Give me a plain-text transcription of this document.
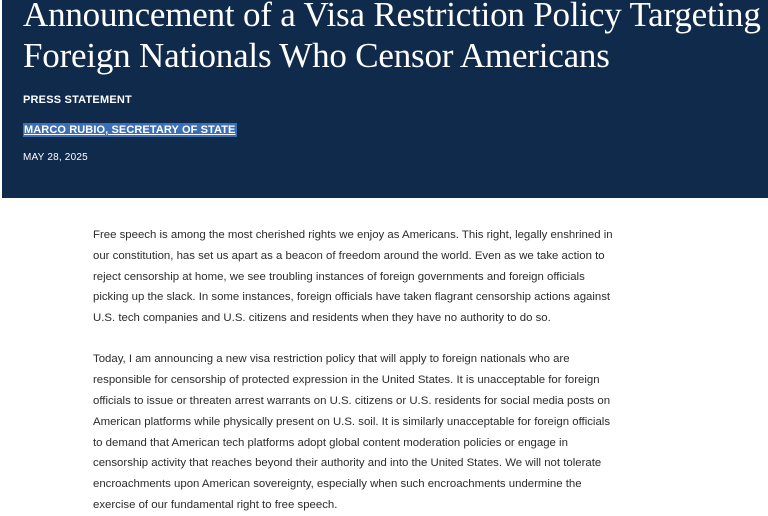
Announcement of a Visa Restriction Policy Targeting
Foreign Nationals Who Censor Americans
PRESS STATEMENT
MARCO RUBIO, SECRETARY OF STATE
MAY 28, 2025

Free speech is among the most cherished rights we enjoy as Americans. This right, legally enshrined in
our constitution, has set us apart as a beacon of freedom around the world. Even as we take action to
reject censorship at home, we see troubling instances of foreign governments and foreign officials
picking up the slack. In some instances, foreign officials have taken flagrant censorship actions against
U.S. tech companies and U.S. citizens and residents when they have no authority to do so.

Today, I am announcing a new visa restriction policy that will apply to foreign nationals who are
responsible for censorship of protected expression in the United States. It is unacceptable for foreign
officials to issue or threaten arrest warrants on U.S. citizens or U.S. residents for social media posts on
American platforms while physically present on U.S. soil. It is similarly unacceptable for foreign officials
to demand that American tech platforms adopt global content moderation policies or engage in
censorship activity that reaches beyond their authority and into the United States. We will not tolerate
encroachments upon American sovereignty, especially when such encroachments undermine the
exercise of our fundamental right to free speech.
